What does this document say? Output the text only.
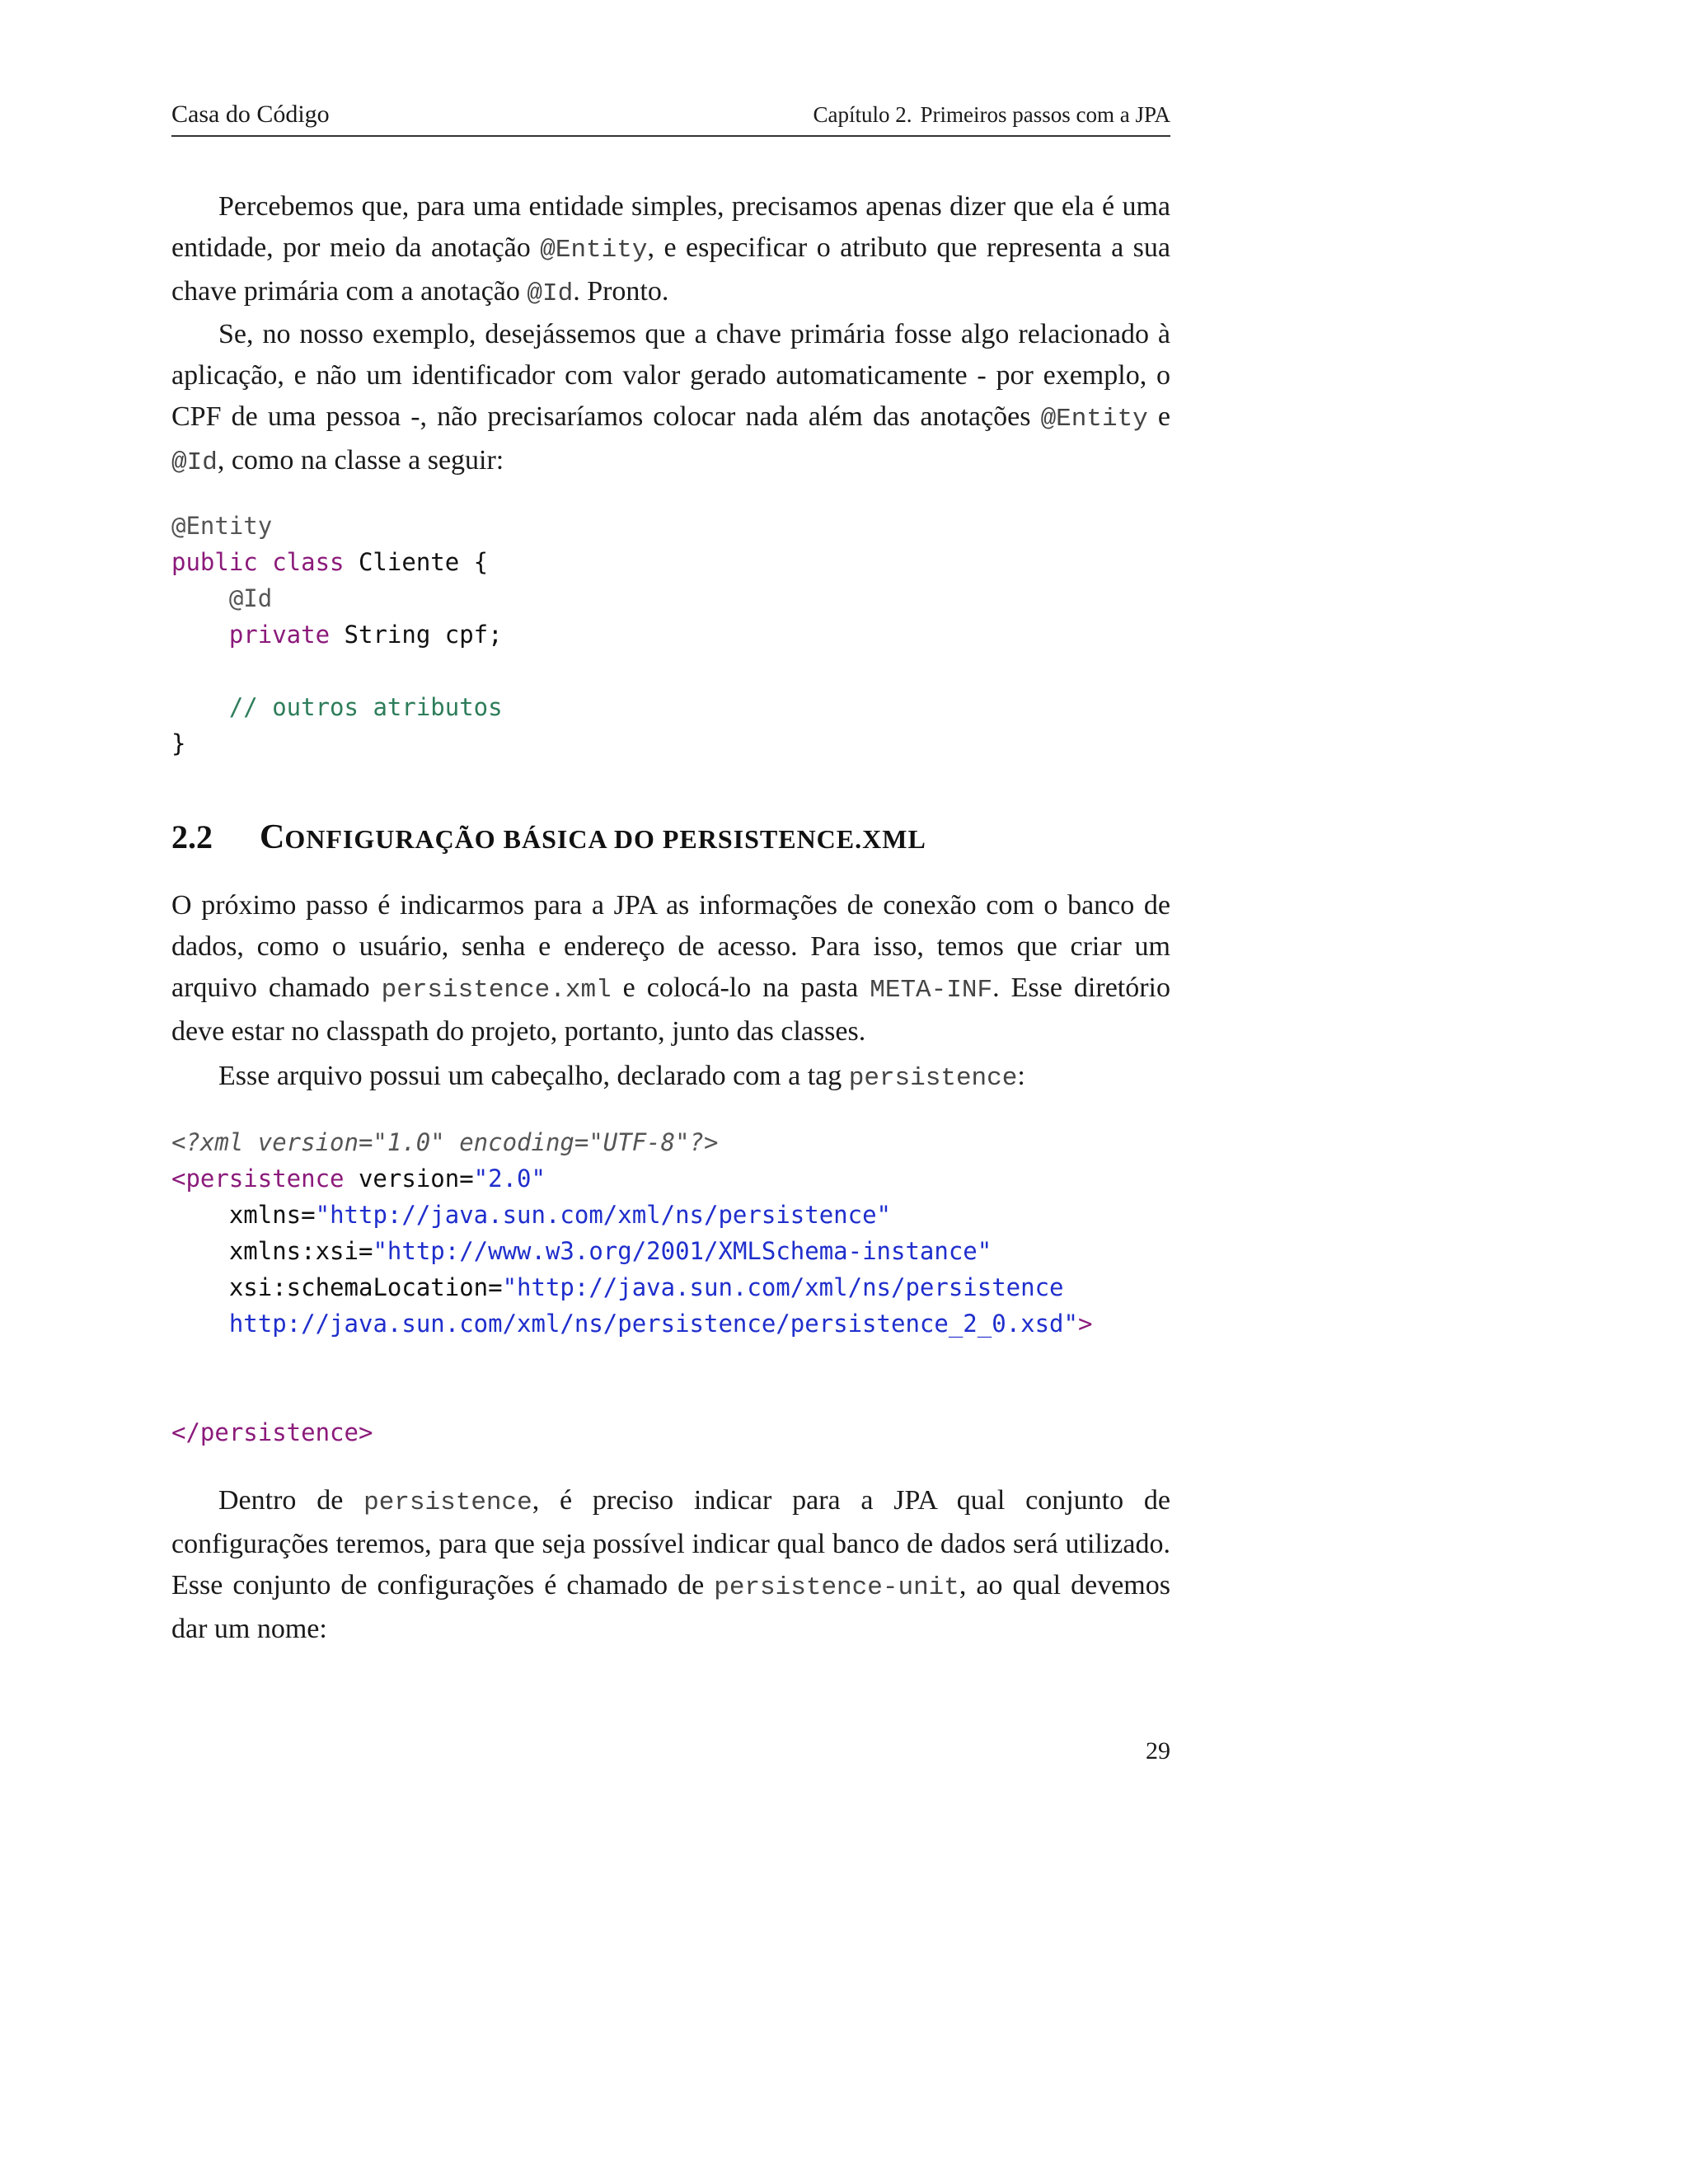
Casa do Código	Capítulo 2. Primeiros passos com a JPA

Percebemos que, para uma entidade simples, precisamos apenas dizer que ela é uma entidade, por meio da anotação @Entity, e especificar o atributo que representa a sua chave primária com a anotação @Id. Pronto.

Se, no nosso exemplo, desejássemos que a chave primária fosse algo relacionado à aplicação, e não um identificador com valor gerado automaticamente - por exemplo, o CPF de uma pessoa -, não precisaríamos colocar nada além das anotações @Entity e @Id, como na classe a seguir:

@Entity
public class Cliente {
@Id
private String cpf;

// outros atributos
}
2.2 CONFIGURAÇÃO BÁSICA DO PERSISTENCE.XML

O próximo passo é indicarmos para a JPA as informações de conexão com o banco de dados, como o usuário, senha e endereço de acesso. Para isso, temos que criar um arquivo chamado persistence.xml e colocá-lo na pasta META-INF. Esse diretório deve estar no classpath do projeto, portanto, junto das classes.

Esse arquivo possui um cabeçalho, declarado com a tag persistence:

<?xml version="1.0" encoding="UTF-8"?>
<persistence version="2.0"
xmlns="http://java.sun.com/xml/ns/persistence"
xmlns:xsi="http://www.w3.org/2001/XMLSchema-instance"
xsi:schemaLocation="http://java.sun.com/xml/ns/persistence
http://java.sun.com/xml/ns/persistence/persistence_2_0.xsd">

</persistence>

Dentro de persistence, é preciso indicar para a JPA qual conjunto de configurações teremos, para que seja possível indicar qual banco de dados será utilizado. Esse conjunto de configurações é chamado de persistence-unit, ao qual devemos dar um nome:

29
